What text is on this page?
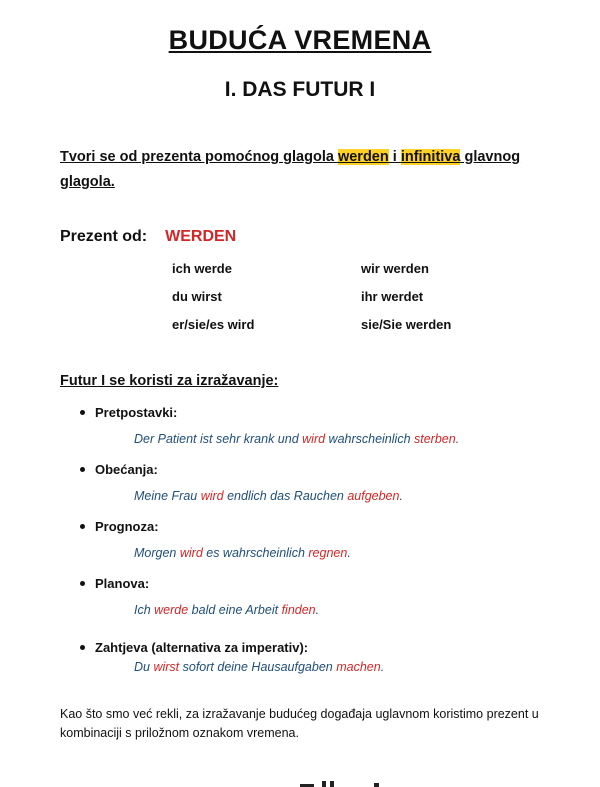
BUDUĆA VREMENA
I. DAS FUTUR I
Tvori se od prezenta pomoćnog glagola werden i infinitiva glavnog glagola.
Prezent od: WERDEN
ich werde
du wirst
er/sie/es wird
wir werden
ihr werdet
sie/Sie werden
Futur I se koristi za izražavanje:
Pretpostavki:
Der Patient ist sehr krank und wird wahrscheinlich sterben.
Obećanja:
Meine Frau wird endlich das Rauchen aufgeben.
Prognoza:
Morgen wird es wahrscheinlich regnen.
Planova:
Ich werde bald eine Arbeit finden.
Zahtjeva (alternativa za imperativ):
Du wirst sofort deine Hausaufgaben machen.
Kao što smo već rekli, za izražavanje budućeg događaja uglavnom koristimo prezent u kombinaciji s priložnom oznakom vremena.
